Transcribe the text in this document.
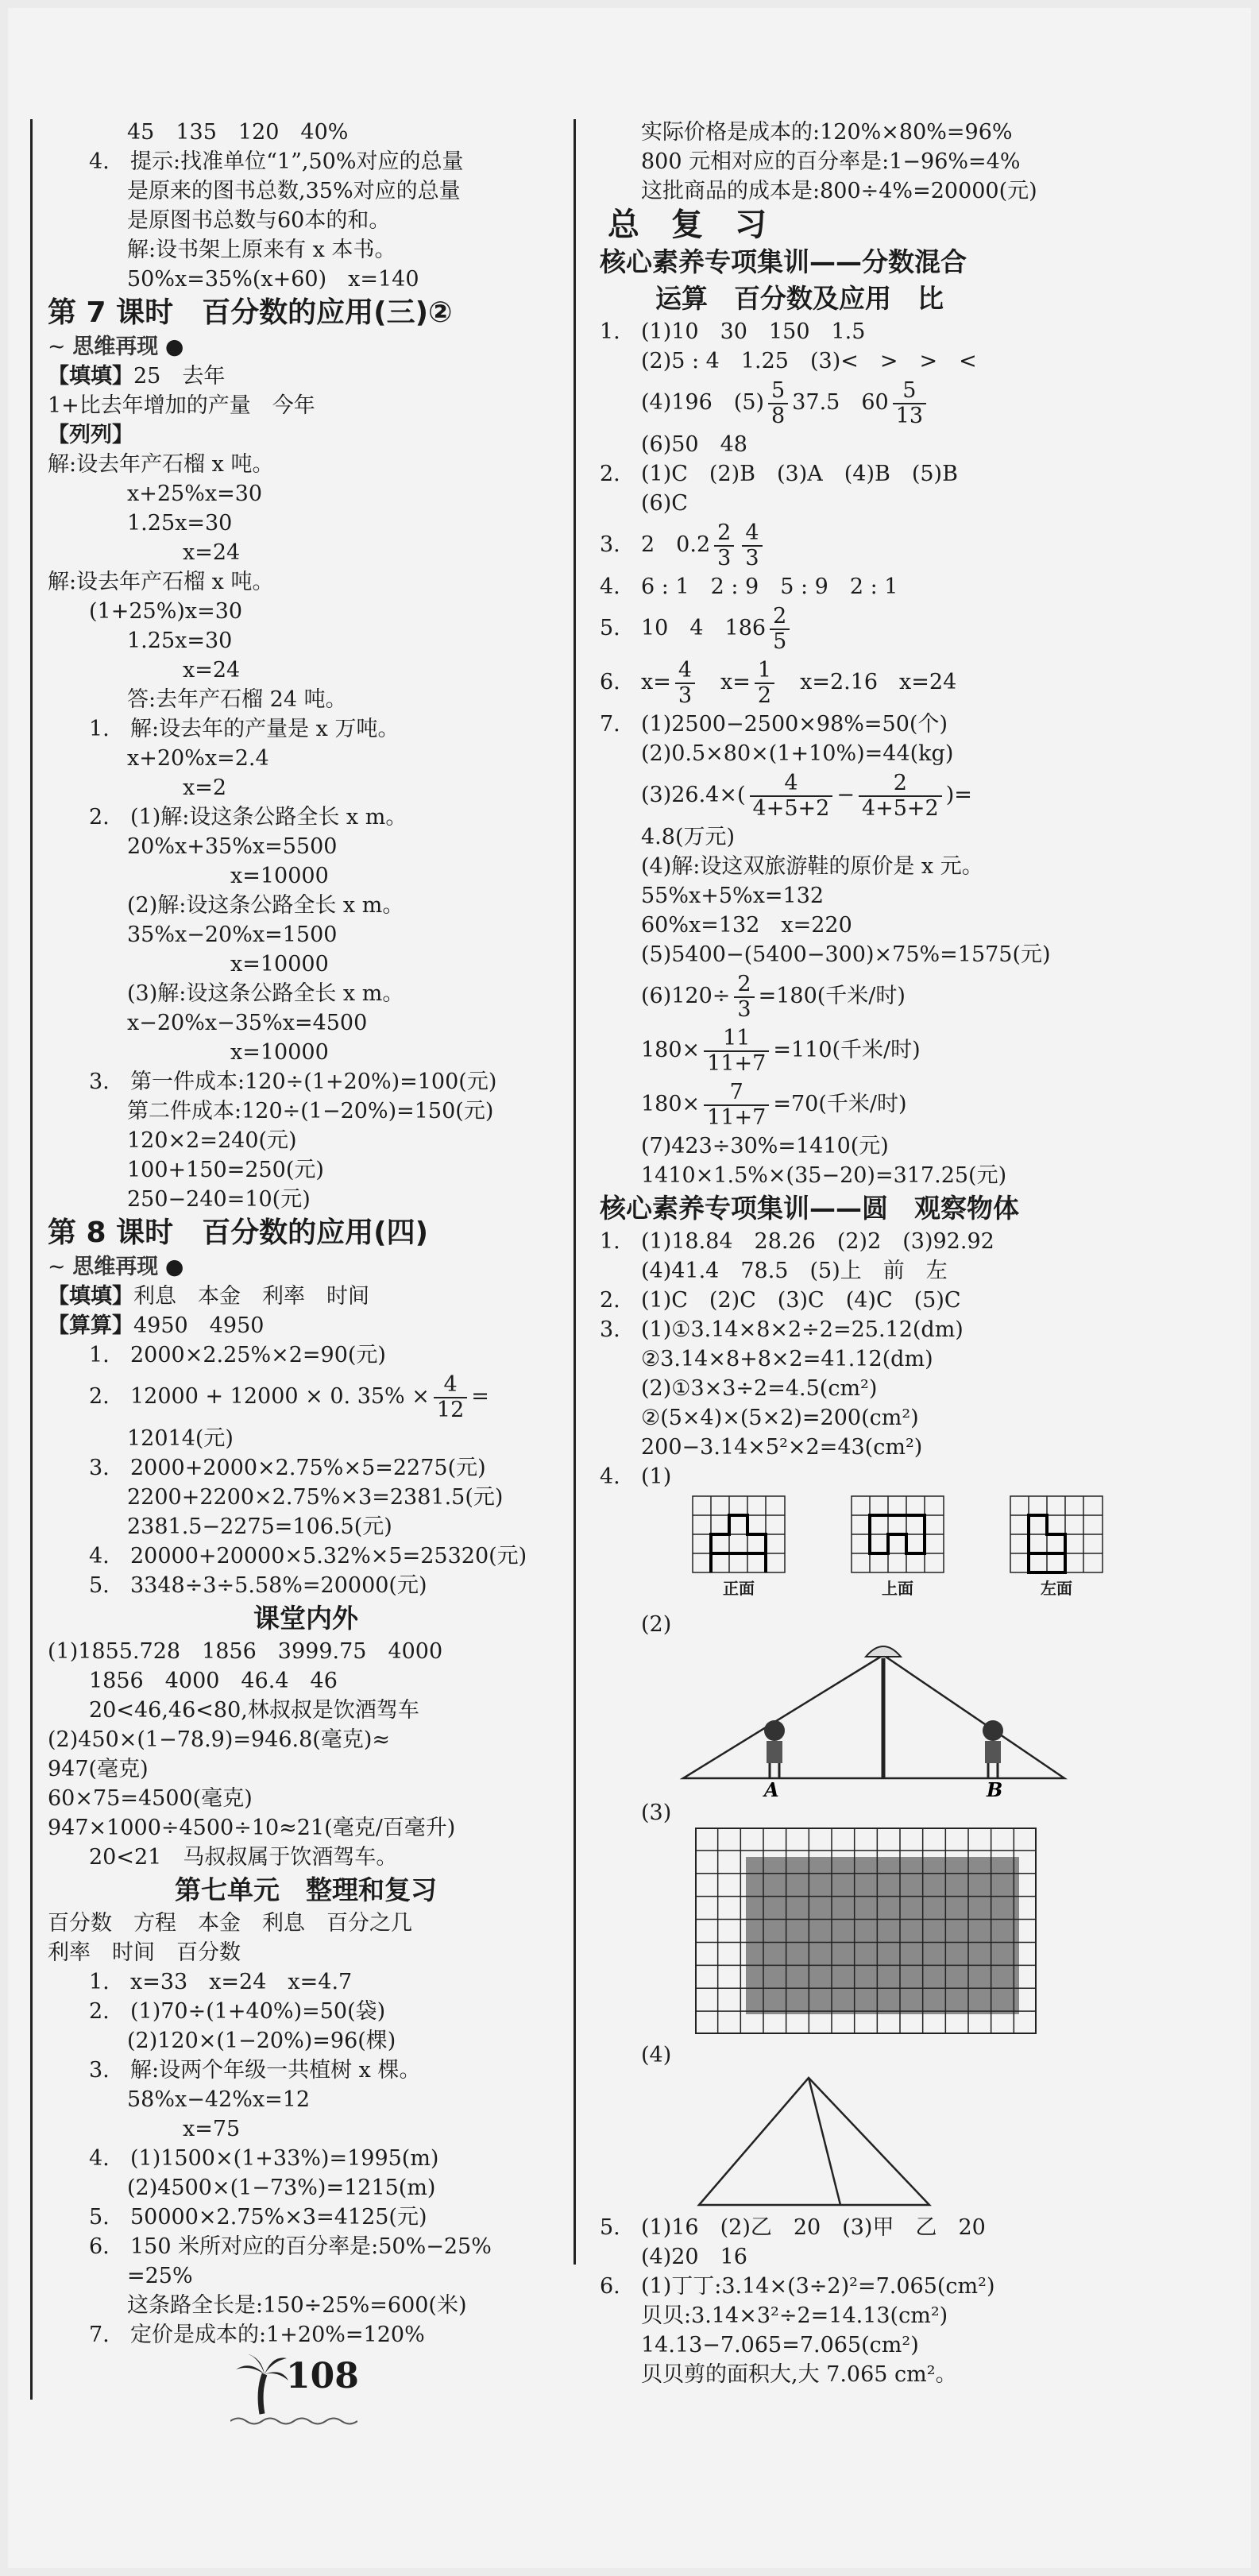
45　135　120　40%
4. 提示:找准单位“1”,50%对应的总量
是原来的图书总数,35%对应的总量
是原图书总数与60本的和。
解:设书架上原来有 x 本书。
50%x=35%(x+60)　x=140
第 7 课时　百分数的应用(三)②
~ 思维再现 ●
【填填】25　去年
1+比去年增加的产量　今年
【列列】
解:设去年产石榴 x 吨。
x+25%x=30
1.25x=30
x=24
解:设去年产石榴 x 吨。
(1+25%)x=30
1.25x=30
x=24
答:去年产石榴 24 吨。
1. 解:设去年的产量是 x 万吨。
x+20%x=2.4
x=2
2. (1)解:设这条公路全长 x m。
20%x+35%x=5500
x=10000
(2)解:设这条公路全长 x m。
35%x−20%x=1500
x=10000
(3)解:设这条公路全长 x m。
x−20%x−35%x=4500
x=10000
3. 第一件成本:120÷(1+20%)=100(元)
第二件成本:120÷(1−20%)=150(元)
120×2=240(元)
100+150=250(元)
250−240=10(元)
第 8 课时　百分数的应用(四)
~ 思维再现 ●
【填填】利息　本金　利率　时间
【算算】4950　4950
1. 2000×2.25%×2=90(元)
2. 12000 + 12000 × 0. $35\% \times \frac{4}{12}$ =
12014(元)
3. 2000+2000×2.75%×5=2275(元)
2200+2200×2.75%×3=2381.5(元)
2381.5−2275=106.5(元)
4. 20000+20000×5.32%×5=25320(元)
5. 3348÷3÷5.58%=20000(元)
课堂内外
(1)1855.728　1856　3999.75　4000
1856　4000　46.4　46
20<46,46<80,林叔叔是饮酒驾车
(2)450×(1−78.9)=946.8(毫克)≈
947(毫克)
60×75=4500(毫克)
947×1000÷4500÷10≈21(毫克/百毫升)
20<21　马叔叔属于饮酒驾车。
第七单元　整理和复习
百分数　方程　本金　利息　百分之几
利率　时间　百分数
1. x=33　x=24　x=4.7
2. (1)70÷(1+40%)=50(袋)
(2)120×(1−20%)=96(棵)
3. 解:设两个年级一共植树 x 棵。
58%x−42%x=12
x=75
4. (1)1500×(1+33%)=1995(m)
(2)4500×(1−73%)=1215(m)
5. 50000×2.75%×3=4125(元)
6. 150 米所对应的百分率是:50%−25%
=25%
这条路全长是:150÷25%=600(米)
7. 定价是成本的:1+20%=120%
实际价格是成本的:120%×80%=96%
800 元相对应的百分率是:1−96%=4%
这批商品的成本是:800÷4%=20000(元)
总　复　习
核心素养专项集训——分数混合
运算　百分数及应用　比
1. (1)10　30　150　1.5
(2)5 : 4　1.25　(3)<　>　>　<
(4)196　$(5) \frac{5}{8} 37.5$　$60 \frac{5}{13}$
(6)50　48
2. (1)C　(2)B　(3)A　(4)B　(5)B
(6)C
3. 2　$0.2 \frac{2}{3} \frac{4}{3}$
4. 6 : 1　2 : 9　5 : 9　2 : 1
5. 10　4　$186 \frac{2}{5}$
6. $x= \frac{4}{3}$
　 $x= \frac{1}{2}$
　 x=2.16　x=24
7. (1)2500−2500×98%=50(个)
(2)0.5×80×(1+10%)=44(kg)
$(3)26.4\times( \frac{4}{4+5+2} - \frac{2}{4+5+2}$ )=
4.8(万元)
(4)解:设这双旅游鞋的原价是 x 元。
55%x+5%x=132
60%x=132　x=220
(5)5400−(5400−300)×75%=1575(元)
$(6)120\div \frac{2}{3} =180$(千米/时)
$180\times \frac{11}{11+7} =110$(千米/时)
$180\times \frac{7}{11+7} =70$(千米/时)
(7)423÷30%=1410(元)
1410×1.5%×(35−20)=317.25(元)
核心素养专项集训——圆　观察物体
1. (1)18.84　28.26　(2)2　(3)92.92
(4)41.4　78.5　(5)上　前　左
2. (1)C　(2)C　(3)C　(4)C　(5)C
3. (1)①3.14×8×2÷2=25.12(dm)
②3.14×8+8×2=41.12(dm)
(2)①3×3÷2=4.5(cm²)
②(5×4)×(5×2)=200(cm²)
200−3.14×5²×2=43(cm²)
4. (1)
正面	上面	左面
(2)
A	B
(3)
(4)
5. (1)16　(2)乙　20　(3)甲　乙　20
(4)20　16
6. (1)丁丁:3.14×(3÷2)²=7.065(cm²)
贝贝:3.14×3²÷2=14.13(cm²)
14.13−7.065=7.065(cm²)
贝贝剪的面积大,大 7.065 cm²。
108
